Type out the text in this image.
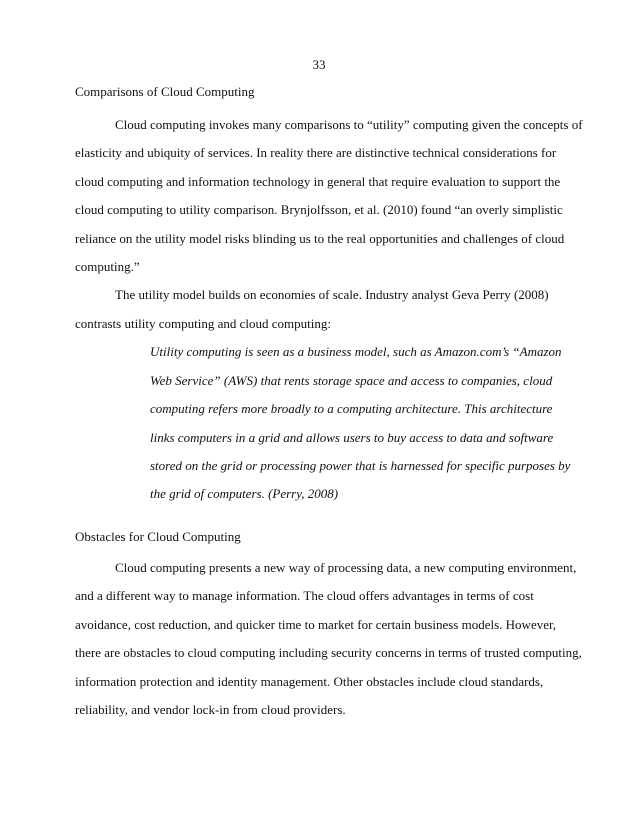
33
Comparisons of Cloud Computing
Cloud computing invokes many comparisons to “utility” computing given the concepts of
elasticity and ubiquity of services. In reality there are distinctive technical considerations for
cloud computing and information technology in general that require evaluation to support the
cloud computing to utility comparison. Brynjolfsson, et al. (2010) found “an overly simplistic
reliance on the utility model risks blinding us to the real opportunities and challenges of cloud
computing.”
The utility model builds on economies of scale. Industry analyst Geva Perry (2008)
contrasts utility computing and cloud computing:
Utility computing is seen as a business model, such as Amazon.com’s “Amazon
Web Service” (AWS) that rents storage space and access to companies, cloud
computing refers more broadly to a computing architecture. This architecture
links computers in a grid and allows users to buy access to data and software
stored on the grid or processing power that is harnessed for specific purposes by
the grid of computers. (Perry, 2008)
Obstacles for Cloud Computing
Cloud computing presents a new way of processing data, a new computing environment,
and a different way to manage information. The cloud offers advantages in terms of cost
avoidance, cost reduction, and quicker time to market for certain business models. However,
there are obstacles to cloud computing including security concerns in terms of trusted computing,
information protection and identity management. Other obstacles include cloud standards,
reliability, and vendor lock-in from cloud providers.
